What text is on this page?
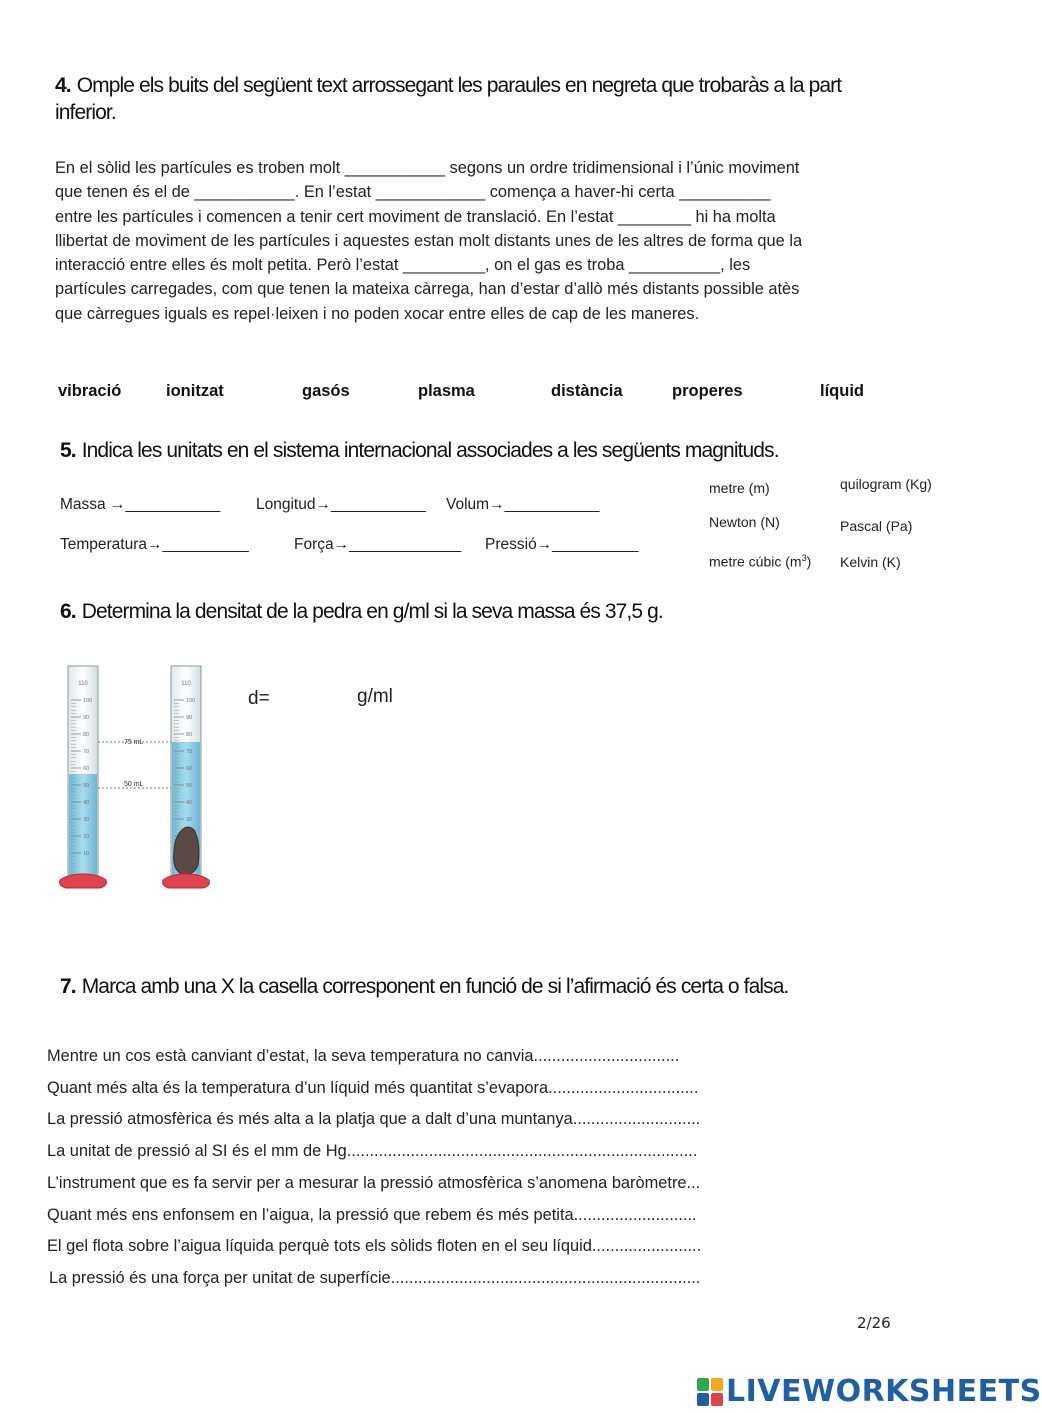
4. Omple els buits del següent text arrossegant les paraules en negreta que trobaràs a la part
inferior.
En el sòlid les partícules es troben molt ___________ segons un ordre tridimensional i l’únic moviment
que tenen és el de ___________. En l’estat ____________ comença a haver-hi certa __________
entre les partícules i comencen a tenir cert moviment de translació. En l’estat ________ hi ha molta
llibertat de moviment de les partícules i aquestes estan molt distants unes de les altres de forma que la
interacció entre elles és molt petita. Però l’estat _________, on el gas es troba __________, les
partícules carregades, com que tenen la mateixa càrrega, han d’estar d’allò més distants possible atès
que càrregues iguals es repel·leixen i no poden xocar entre elles de cap de les maneres.
vibració	ionitzat	gasós	plasma	distància	properes	líquid
5. Indica les unitats en el sistema internacional associades a les següents magnituds.
Massa →___________ Longitud→___________ Volum→___________
Temperatura→__________	Força→_____________ Pressió→__________
metre (m)	quilogram (Kg)
Newton (N)	Pascal (Pa)
metre cúbic $(m^3)$ Kelvin (K)
6. Determina la densitat de la pedra en g/ml si la seva massa és 37,5 g.
110
100
90
80
70
60
50
40
30
20
10
110
100
90
80
70
60
50
40
30
75 mL
50 mL
d=	g/ml
7. Marca amb una X la casella corresponent en funció de si l’afirmació és certa o falsa.
Mentre un cos està canviant d’estat, la seva temperatura no canvia................................
Quant més alta és la temperatura d’un líquid més quantitat s’evapora.................................
La pressió atmosfèrica és més alta a la platja que a dalt d’una muntanya............................
La unitat de pressió al SI és el mm de Hg.............................................................................
L’instrument que es fa servir per a mesurar la pressió atmosfèrica s’anomena baròmetre...
Quant més ens enfonsem en l’aigua, la pressió que rebem és més petita...........................
El gel flota sobre l’aigua líquida perquè tots els sòlids floten en el seu líquid........................
La pressió és una força per unitat de superfície....................................................................
2/26
LIVEWORKSHEETS
